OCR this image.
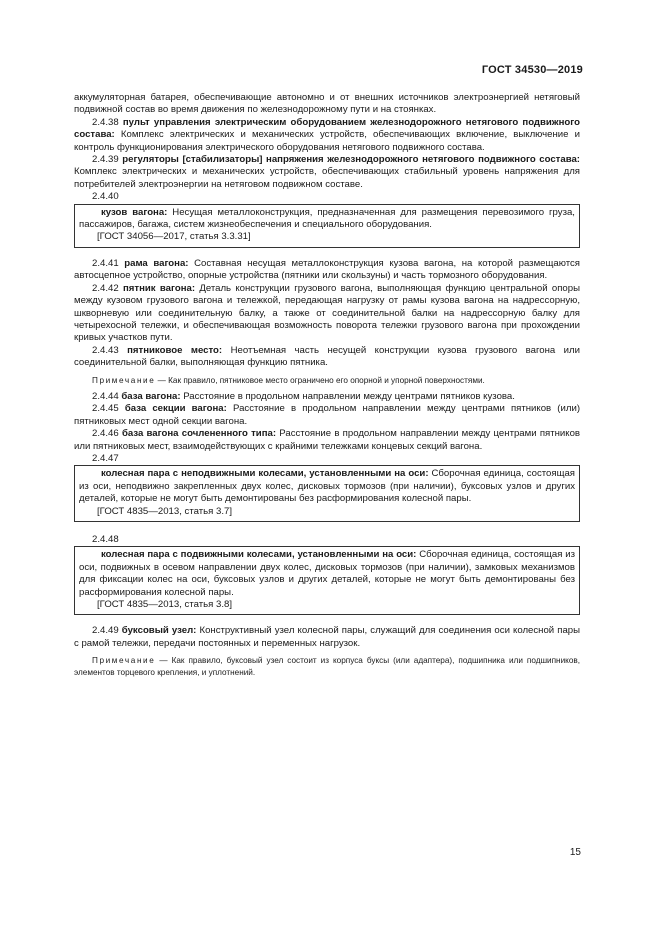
ГОСТ 34530—2019

аккумуляторная батарея, обеспечивающие автономно и от внешних источников электроэнергией нетяговый подвижной состав во время движения по железнодорожному пути и на стоянках.

2.4.38 пульт управления электрическим оборудованием железнодорожного нетягового подвижного состава: Комплекс электрических и механических устройств, обеспечивающих включение, выключение и контроль функционирования электрического оборудования нетягового подвижного состава.

2.4.39 регуляторы [стабилизаторы] напряжения железнодорожного нетягового подвижного состава: Комплекс электрических и механических устройств, обеспечивающих стабильный уровень напряжения для потребителей электроэнергии на нетяговом подвижном составе.

2.4.40

кузов вагона: Несущая металлоконструкция, предназначенная для размещения перевозимого груза, пассажиров, багажа, систем жизнеобеспечения и специального оборудования.

[ГОСТ 34056—2017, статья 3.3.31]

2.4.41 рама вагона: Составная несущая металлоконструкция кузова вагона, на которой размещаются автосцепное устройство, опорные устройства (пятники или скользуны) и часть тормозного оборудования.

2.4.42 пятник вагона: Деталь конструкции грузового вагона, выполняющая функцию центральной опоры между кузовом грузового вагона и тележкой, передающая нагрузку от рамы кузова вагона на надрессорную, шкворневую или соединительную балку, а также от соединительной балки на надрессорную балку для четырехосной тележки, и обеспечивающая возможность поворота тележки грузового вагона при прохождении кривых участков пути.

2.4.43 пятниковое место: Неотъемная часть несущей конструкции кузова грузового вагона или соединительной балки, выполняющая функцию пятника.

Примечание — Как правило, пятниковое место ограничено его опорной и упорной поверхностями.

2.4.44 база вагона: Расстояние в продольном направлении между центрами пятников кузова.

2.4.45 база секции вагона: Расстояние в продольном направлении между центрами пятников (или) пятниковых мест одной секции вагона.

2.4.46 база вагона сочлененного типа: Расстояние в продольном направлении между центрами пятников или пятниковых мест, взаимодействующих с крайними тележками концевых секций вагона.

2.4.47

колесная пара с неподвижными колесами, установленными на оси: Сборочная единица, состоящая из оси, неподвижно закрепленных двух колес, дисковых тормозов (при наличии), буксовых узлов и других деталей, которые не могут быть демонтированы без расформирования колесной пары.

[ГОСТ 4835—2013, статья 3.7]

2.4.48

колесная пара с подвижными колесами, установленными на оси: Сборочная единица, состоящая из оси, подвижных в осевом направлении двух колес, дисковых тормозов (при наличии), замковых механизмов для фиксации колес на оси, буксовых узлов и других деталей, которые не могут быть демонтированы без расформирования колесной пары.

[ГОСТ 4835—2013, статья 3.8]

2.4.49 буксовый узел: Конструктивный узел колесной пары, служащий для соединения оси колесной пары с рамой тележки, передачи постоянных и переменных нагрузок.

Примечание — Как правило, буксовый узел состоит из корпуса буксы (или адаптера), подшипника или подшипников, элементов торцевого крепления, и уплотнений.

15
